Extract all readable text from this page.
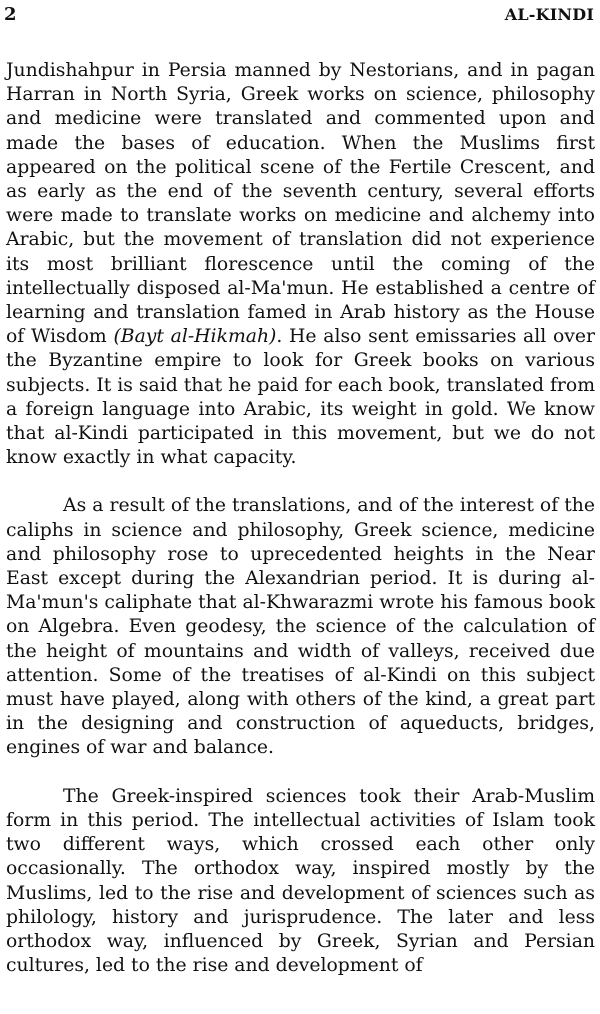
2	AL-KINDI

Jundishahpur in Persia manned by Nestorians, and in pagan Harran in North Syria, Greek works on science, philosophy and medicine were translated and commented upon and made the bases of education. When the Muslims first appeared on the political scene of the Fertile Crescent, and as early as the end of the seventh century, several efforts were made to translate works on medicine and alchemy into Arabic, but the movement of translation did not experience its most brilliant florescence until the coming of the intellectually disposed al-Ma'mun. He established a centre of learning and translation famed in Arab history as the House of Wisdom (Bayt al-Hikmah). He also sent emissaries all over the Byzantine empire to look for Greek books on various subjects. It is said that he paid for each book, translated from a foreign language into Arabic, its weight in gold. We know that al-Kindi participated in this movement, but we do not know exactly in what capacity.

As a result of the translations, and of the interest of the caliphs in science and philosophy, Greek science, medicine and philosophy rose to uprecedented heights in the Near East except during the Alexandrian period. It is during al-Ma'mun's caliphate that al-Khwarazmi wrote his famous book on Algebra. Even geodesy, the science of the calculation of the height of mountains and width of valleys, received due attention. Some of the treatises of al-Kindi on this subject must have played, along with others of the kind, a great part in the designing and construction of aqueducts, bridges, engines of war and balance.

The Greek-inspired sciences took their Arab-Muslim form in this period. The intellectual activities of Islam took two different ways, which crossed each other only occasionally. The orthodox way, inspired mostly by the Muslims, led to the rise and development of sciences such as philology, history and jurisprudence. The later and less orthodox way, influenced by Greek, Syrian and Persian cultures, led to the rise and development of
